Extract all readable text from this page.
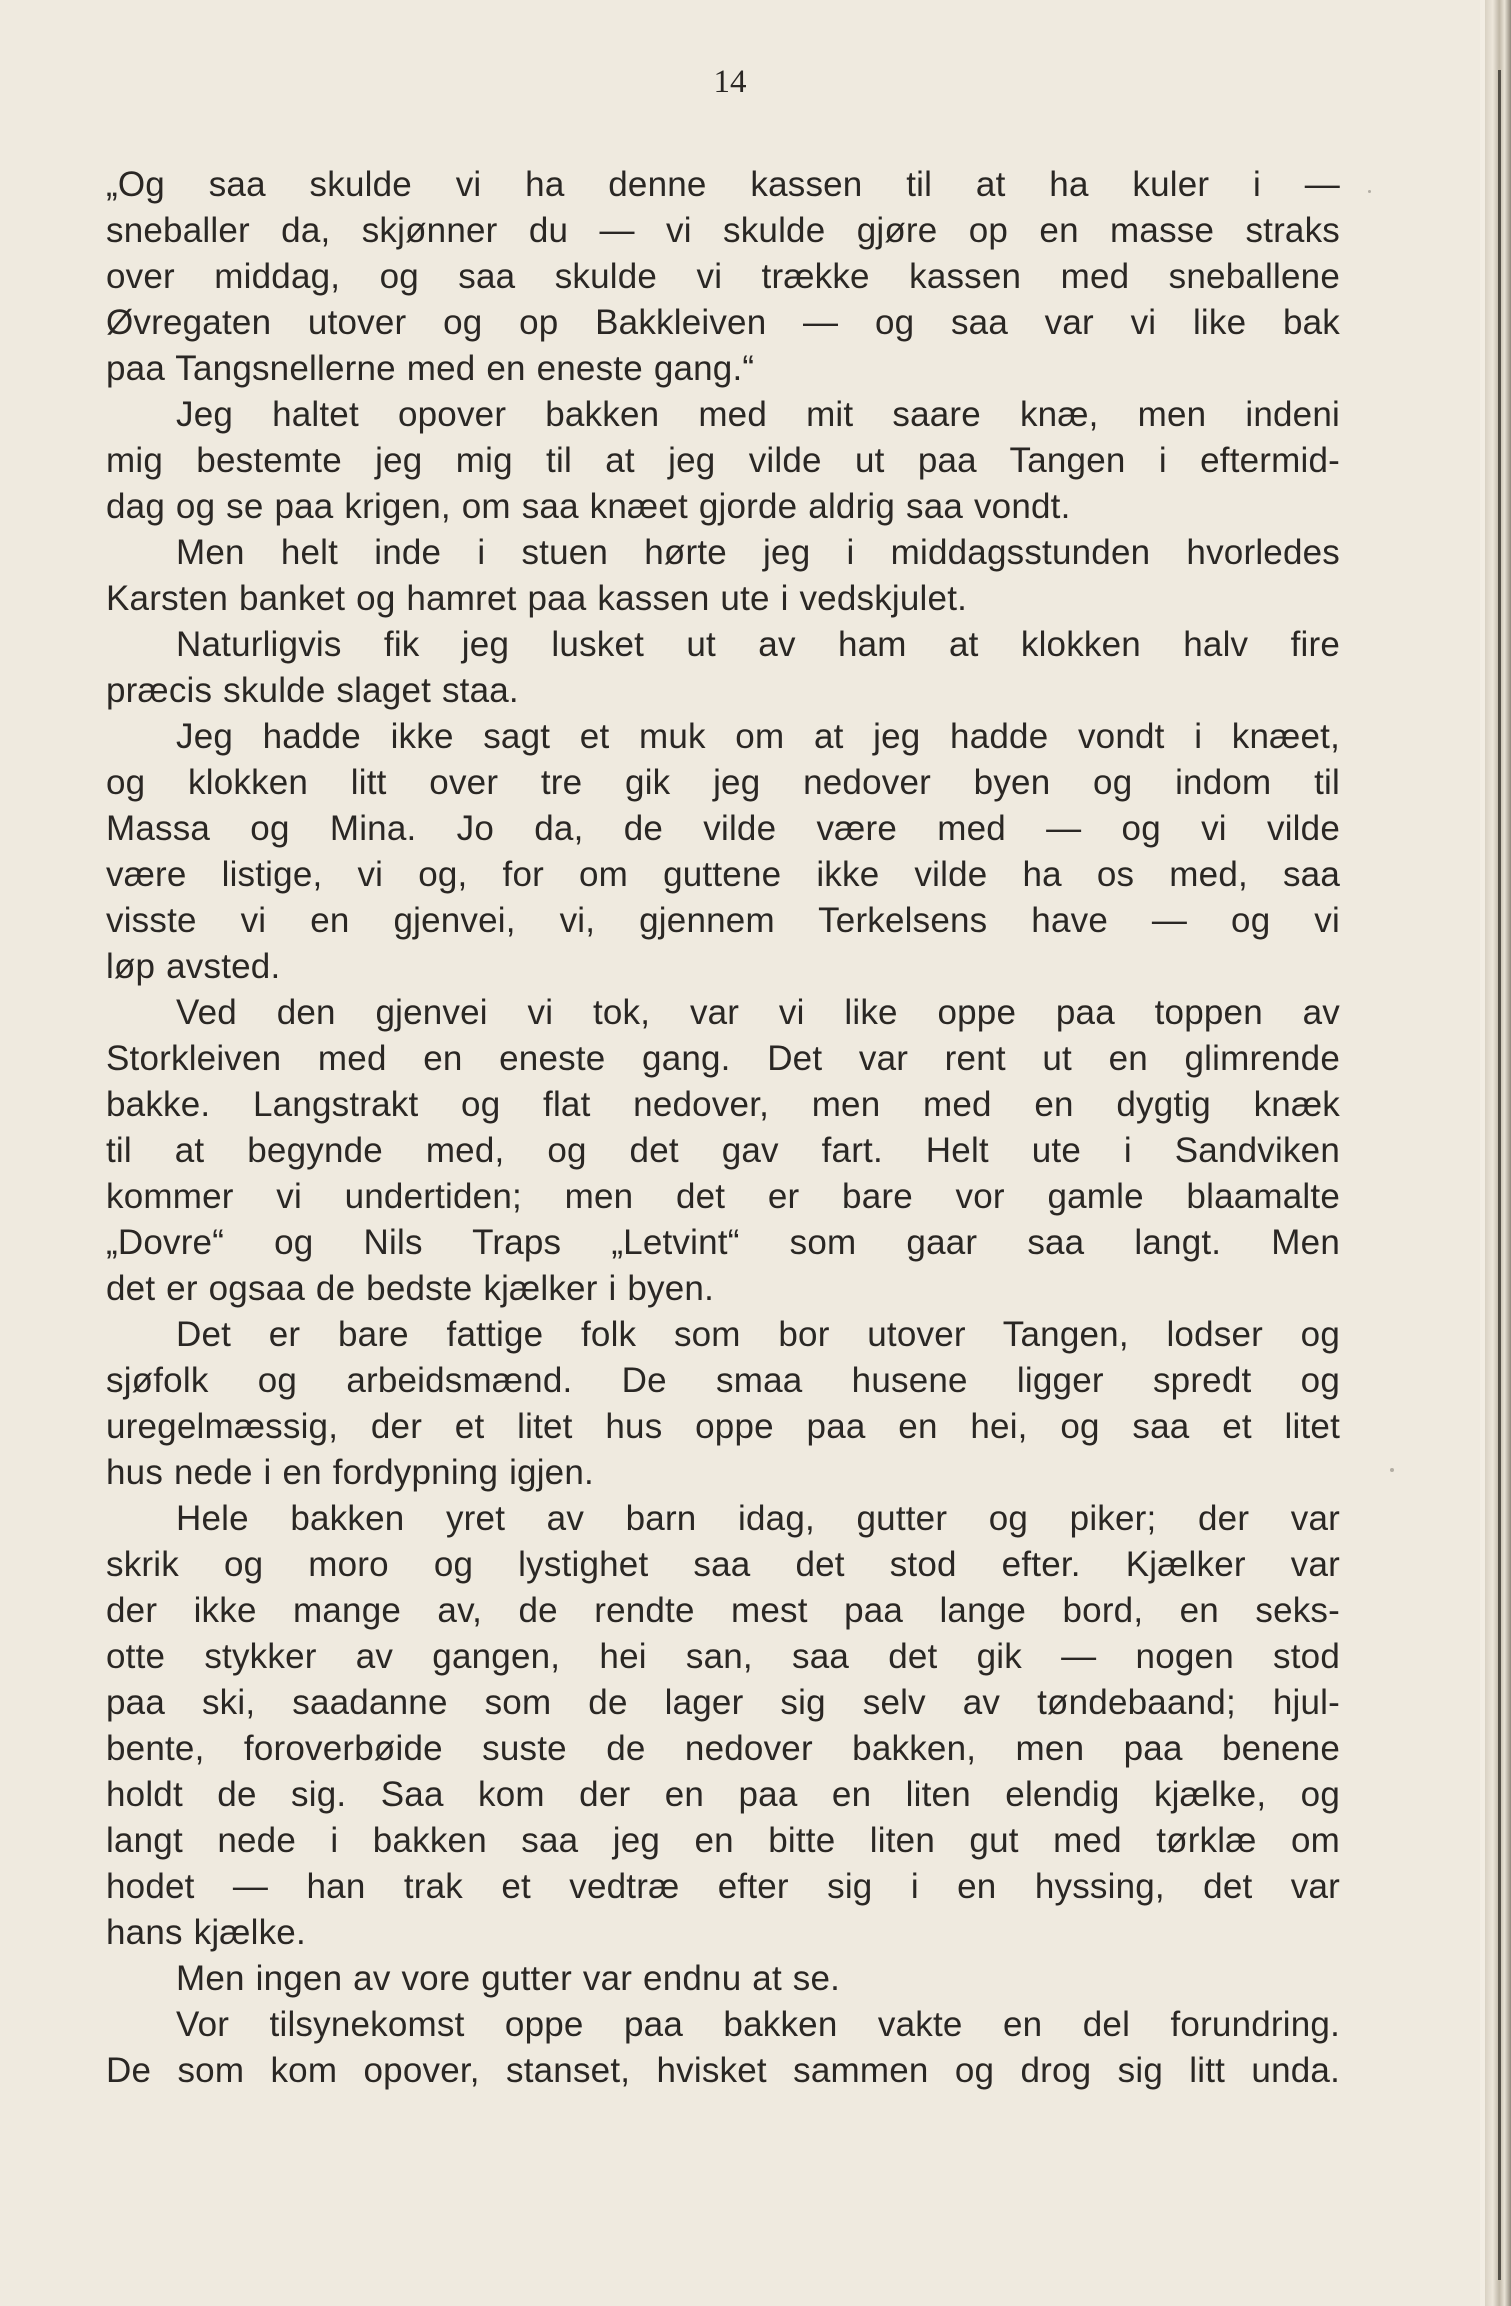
14
„Og saa skulde vi ha denne kassen til at ha kuler i —
sneballer da, skjønner du — vi skulde gjøre op en masse straks
over middag, og saa skulde vi trække kassen med sneballene
Øvregaten utover og op Bakkleiven — og saa var vi like bak
paa Tangsnellerne med en eneste gang.“
Jeg haltet opover bakken med mit saare knæ, men indeni
mig bestemte jeg mig til at jeg vilde ut paa Tangen i eftermid-
dag og se paa krigen, om saa knæet gjorde aldrig saa vondt.
Men helt inde i stuen hørte jeg i middagsstunden hvorledes
Karsten banket og hamret paa kassen ute i vedskjulet.
Naturligvis fik jeg lusket ut av ham at klokken halv fire
præcis skulde slaget staa.
Jeg hadde ikke sagt et muk om at jeg hadde vondt i knæet,
og klokken litt over tre gik jeg nedover byen og indom til
Massa og Mina. Jo da, de vilde være med — og vi vilde
være listige, vi og, for om guttene ikke vilde ha os med, saa
visste vi en gjenvei, vi, gjennem Terkelsens have — og vi
løp avsted.
Ved den gjenvei vi tok, var vi like oppe paa toppen av
Storkleiven med en eneste gang. Det var rent ut en glimrende
bakke. Langstrakt og flat nedover, men med en dygtig knæk
til at begynde med, og det gav fart. Helt ute i Sandviken
kommer vi undertiden; men det er bare vor gamle blaamalte
„Dovre“ og Nils Traps „Letvint“ som gaar saa langt. Men
det er ogsaa de bedste kjælker i byen.
Det er bare fattige folk som bor utover Tangen, lodser og
sjøfolk og arbeidsmænd. De smaa husene ligger spredt og
uregelmæssig, der et litet hus oppe paa en hei, og saa et litet
hus nede i en fordypning igjen.
Hele bakken yret av barn idag, gutter og piker; der var
skrik og moro og lystighet saa det stod efter. Kjælker var
der ikke mange av, de rendte mest paa lange bord, en seks-
otte stykker av gangen, hei san, saa det gik — nogen stod
paa ski, saadanne som de lager sig selv av tøndebaand; hjul-
bente, foroverbøide suste de nedover bakken, men paa benene
holdt de sig. Saa kom der en paa en liten elendig kjælke, og
langt nede i bakken saa jeg en bitte liten gut med tørklæ om
hodet — han trak et vedtræ efter sig i en hyssing, det var
hans kjælke.
Men ingen av vore gutter var endnu at se.
Vor tilsynekomst oppe paa bakken vakte en del forundring.
De som kom opover, stanset, hvisket sammen og drog sig litt unda.
